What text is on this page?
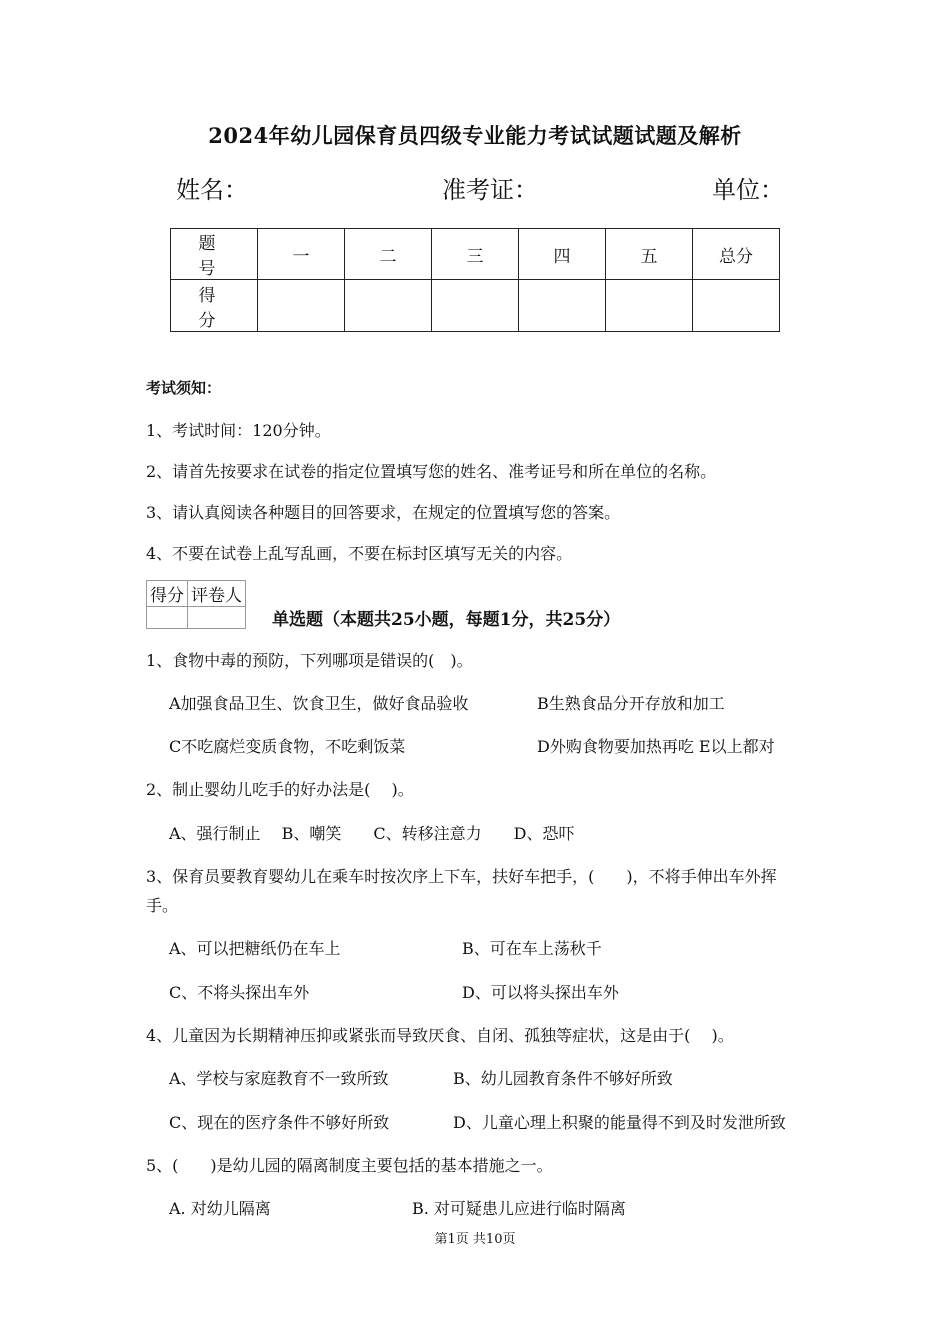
2024年幼儿园保育员四级专业能力考试试题试题及解析
姓名：	准考证：	单位：
题　号	一	二	三	四	五	总分
得　分						
考试须知：
1、考试时间：120分钟。
2、请首先按要求在试卷的指定位置填写您的姓名、准考证号和所在单位的名称。
3、请认真阅读各种题目的回答要求，在规定的位置填写您的答案。
4、不要在试卷上乱写乱画，不要在标封区填写无关的内容。
得分	评卷人

单选题（本题共25小题，每题1分，共25分）
1、食物中毒的预防，下列哪项是错误的(　)。
A加强食品卫生、饮食卫生，做好食品验收	B生熟食品分开存放和加工
C不吃腐烂变质食物，不吃剩饭菜	D外购食物要加热再吃 E以上都对
2、制止婴幼儿吃手的好办法是(　 )。
A、强行制止　 B、嘲笑　　C、转移注意力　　D、恐吓
3、保育员要教育婴幼儿在乘车时按次序上下车，扶好车把手，(　　)，不将手伸出车外挥
手。
A、可以把糖纸仍在车上	B、可在车上荡秋千
C、不将头探出车外	D、可以将头探出车外
4、儿童因为长期精神压抑或紧张而导致厌食、自闭、孤独等症状，这是由于(　 )。
A、学校与家庭教育不一致所致	B、幼儿园教育条件不够好所致
C、现在的医疗条件不够好所致	D、儿童心理上积聚的能量得不到及时发泄所致
5、(　　)是幼儿园的隔离制度主要包括的基本措施之一。
A. 对幼儿隔离	B. 对可疑患儿应进行临时隔离
第1页 共10页
